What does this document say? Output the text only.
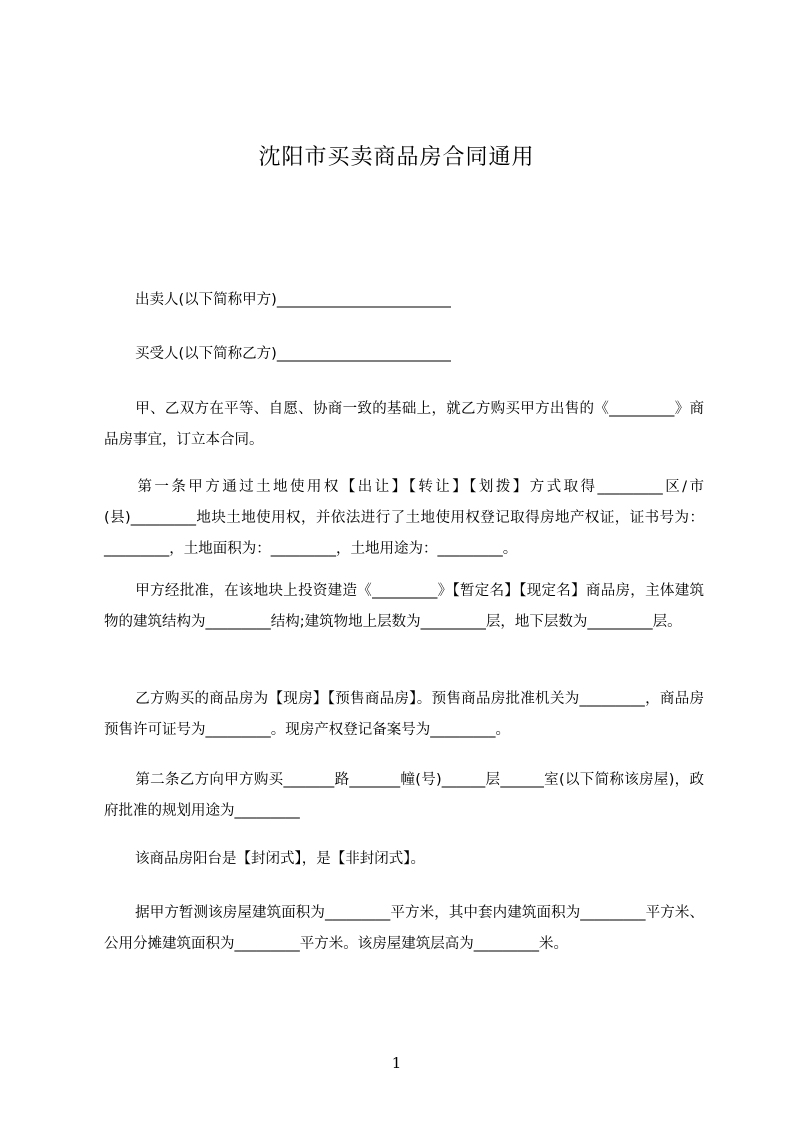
沈阳市买卖商品房合同通用
出卖人(以下简称甲方)________________________
买受人(以下简称乙方)________________________
甲、乙双方在平等、自愿、协商一致的基础上，就乙方购买甲方出售的《_________》商品房事宜，订立本合同。
第一条甲方通过土地使用权【出让】【转让】【划拨】方式取得_________区/市(县)_________地块土地使用权，并依法进行了土地使用权登记取得房地产权证，证书号为：_________，土地面积为：_________，土地用途为：_________。
甲方经批准，在该地块上投资建造《_________》【暂定名】【现定名】商品房，主体建筑物的建筑结构为_________结构;建筑物地上层数为_________层，地下层数为_________层。
乙方购买的商品房为【现房】【预售商品房】。预售商品房批准机关为_________，商品房预售许可证号为_________。现房产权登记备案号为_________。
第二条乙方向甲方购买_______路_______幢(号)______层______室(以下简称该房屋)，政府批准的规划用途为_________
该商品房阳台是【封闭式】，是【非封闭式】。
据甲方暂测该房屋建筑面积为_________平方米，其中套内建筑面积为_________平方米、公用分摊建筑面积为_________平方米。该房屋建筑层高为_________米。
1
